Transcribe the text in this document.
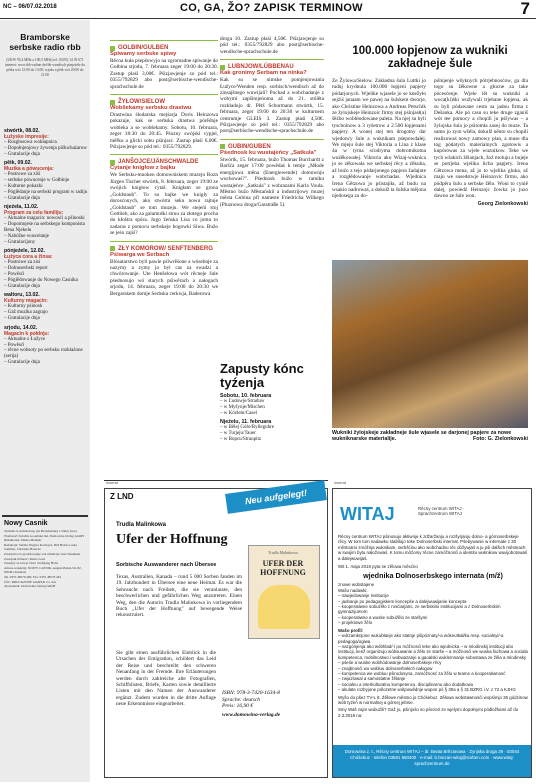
NC – 06/07.02.2018	CO, GA, ŽO? ZAPISK TERMINOW	7
Bramborske serbske radio rbb
(UKW 95,4 MHz a 100,5 MHz) tel. (0355) 14 39 671 internet: www.rbb-online.de/rbb-wendisch pónjeźele do pětka wót 12:00 do 13:00, srjodu a pětk wót 20:00 do 21:00
stwórtk, 08.02.
Łužyske impresije:
– Rozgłosowa wokłapnica
– Dopołnjenjowy żywenja pišluchaźarow
– Gratulacije dnja
pětk, 09.02.
Muzika a pówucenja:
– Postrowe za ziši
– serbske pówucenje w Gołbinje
– Kulturne pokazki
– Póglědanje na serbski program w radiju
– Gratulacije dnja
njeźela, 11.02.
Program za celu familiju:
– Aktualne magacin: nowosći a pšinoski
– Dopomnjeśe na serbskego komponista Bena Njekelu
– Nabóžne wuscelanje
– Gratulacijony
pónjeźele, 12.02.
Łužyca cora a žinsa:
– Postrowe za zisi
– Dolnoserbski report
– Powěsći
– Póglědowanje do Nowego Casnika
– Gratulacije dnja
waltoru, 13.02.
Kulturny magacin:
– Kulturny pśinosk
– Gaž muzika zagrajo
– Gratulacije dnja
srjodu, 14.02.
Magacin k połdnju:
– Aktualne z Łužyce
– Powěsći
– rěcne wobsoty po serbsku rozkłaźone (serija)
– Gratulacije dnja
Nowy Casnik
Tyźenik za serbski kraj, jen Brandenburg a Saksy žywy
Wudawaŕ: Załožba za serbski lud, Domowina-Verlag GmbH
Rědaktorka: Marka Maršeńc
Redakcija: Sabina Wagner Kochojoł, Pětš Hołoš, Laura Sommer, Christian Piasecki
Zastojnica za sporědowanje wót rědakcije: Ines Neumann
Zastojnik šćitnosć: Mario Lenz
Zastojny za nowyt čisło: Wolfgang Hoba
Adresa redakcije: NOWY CASNIK, August-Bebel-Str. 82, 03046 Chóśebuz
Tel. 0355 48576 460, Fax: 0355 48576 461
Ćišć: DRUCKZONE GmbH & Co. KG
Abonement: Domowina-Verlag GmbH
GOLBIN/GULBEN
Spiwamy serbske spiwy
Rěcna kuła pśepšowyjo na zgromadne spiwanje do Gołbina srjodu, 7. februara zeger 19:00 do 20:30. Zastup płaśi 3,00€. Pśizjawjenje so pód tel.: 0355/792829 abo post@serbische-wendische-sprachschule.de
ŽYŁOW/SIELOW
Wobšekamy serbsku drastwu
Drastwina śłodarska mejśarja Doris Heinzowa pokazuje, kak se serbska drastwa pórědnje wobleka a se wobšekamy. Sobotu, 10. februara, zeger 18:30 do 20:45. Pśozny swójski cypjel, měřku a glicki sobu pśinjasć. Zastup płaśi 6,00€. Pśizjawjenje so pód tel.: 0355/792829.
JANŠOJCE/JÄNSCHWALDE
Cytanje knigłow z bajku
We Serbsku-mnoken domowniskem muzeju Rozn Jürgen Tischer stwórtk, 8. februara, zeger 19:00 ze swójich knigłow cytaš. Knigłam se grona „Goldstaub". To su bajke we knigły za dorosćonych, ako stwórtu seku nowu rajtuje „Goldstaub" se tom muzeju. We stejeńi stoj Gottlieb, ako za galamuški struu za złotego procha do kłoštra spóra. Jogo žeńska Lisa co jomu to zadaras z pomocu serbskeje bogowki Siwa. Bužo se jeśo zajiś?
ZŁY KOMOROW/ SENFTENBERG
Pśiwarga we Serbach
Blósatarstwo byli pawie pśiwrěśone a wósebnje za nazymy a zymy jo byl cas za swadzi a chwórowanje. Ute Henšelowa wót rěcneje šule pśednosujo wó starych pśiwěrach a nałogach srjodu, 14. februara, zeger 19:00 do 20:30 we Bergarskem domje Serbska cerkwja, Baderowa
droga 10. Zastup płaśi 4,50€. Pśizjawjenje so pód tel.: 0355/792829 abo post@serbische-wendische-sprachschule.de
LUBNJOW/LÜBBENAU
Kak gronimy Serbam na ninka?
Kak su se nimske pomjenjowania Łužyce/Wenden resp. sorbisch/wendisch až do zinsajšnego wuwijali? Pochad a wobchadanje z wobymi zapšimjeńoma až do 21. stólěta rozkładujo dr. Pětš Schurmann stwórtk, 15. februara, zeger 19:00 do 20:30 w kulturnem centrumje GLEIS 3. Zastup płaśi 4,50€. Pśizjawjenje so pód tel.: 0355/792829 abo post@serbische-wendische-sprachschule.de
GUBIN/GUBEN
Pśednosk ku wustajeńcy „Satkula"
Stwórtk, 15. februara, bužo Thomas Burchardt z Baršća zeger 17:00 powědaś k temje „Młode energijowa měna (Energiewende) domownju wuchowaś?". Pśednosk bužo w ramiku wustajeńce „Satkula" z wobrazami Karla Voula. Městno bužo Městańskii a industrijowy muzej města Gubina při nameste Friedricha Wilkego (Pluznowa droga/Gasstraße 5).
Zapusty kónc tyźenja
Sobotu, 10. februara
– w Ľudowje/Straduw
– w Myšynje/Mischen
– w Kózlem/Casel
Njeźelu, 11. februara
– w Bělej Góŕe/Bylleguhre
– w Turjeju/Tauer
– w Bupcu/Straupitz
100.000 łopjenow za wukniki zakładneje šule
Ze Žylowa/Sielow. Zakładna šula Luttki jo tuduj krydnula 100.000 łopjeni papjery pódarjonych. Wjelike wjasele jo se knežyło sejźiś janaam we pawej na šulskem dworje, ako Christine Heinzowa a Andreas Petschik ze žylojskeje Heinzoic firmy stej pśinjasł(a) šěźbo wobbłodowane paleta. Na njej su byli tyschoinow a 3 ryšetrow a 2.500 łopjenami papjery. A wonej stej ten drogotny dar wjedoncy šule a wuknikam pśepowdałej. We mjeju šule stej Viktoria a Lina z klase 4a w tyma sćodryma dobrotnikoma wuźěkowałej. Viktoria ako Wizaj-wuknica jo se zěkowała we serbskej rěcy a źěkuba, až buźo z tejo pśdarjonego papjera žadajnte a rozgłědowanje wobchadas. Wjednica Irena Gětzowa jo pśistajiła, až budu na wsakio nadrowaś, a dokulž ta šulska mějona njedosega za do-
pólnjenje wšyknych pótrjebnosćow, ga dla togo su žěkowne a głucne za take pócesćenje. Wjele lět su wukniki a wuca(ki)ški wužywali trjebane łopjena, ak su byli pódawane cesto sa jadnu firma z Dešanka. Ale pó casu su teke druge zganiš wót tee pomocy a chopili ju pśšywas – a žylojska šula jo pśitomła zasej do muze. Ta samo jo zym wšéla, dokulž něnto su chopili realizowaś nowy zamowy plan, a muse dla tog pódatych materialnych zgotowis a kupórowas za wjele wuznikow. Teke we tych wšakich žělanjach, žož moluju a bujeje se potrjeba wjelika licba papjery. Irena Gětzowa mena, až jo to wjelika gluka, až maju we susedstwje Heinzovic firmu, ako pódpěra šulu a serbske žělo. Woni to cyniě dalej, powiedź Heinzojc žowka jo juzo dawno ze šule won.
Georg Zielonkowski
Wukniki žylojskeje zakładneje šule wjasele se darjonej papjere za nowe wukniknarske materialije.	Foto: G. Zielonkowski
inserat
Z LND	Neu aufgelegt!
Trudla Malinkowa
Ufer der Hoffnung
Sorbische Auswanderer nach Übersee
Trudla Malinkowa
UFER DER HOFFNUNG
Texas, Australien, Kanada – rund 5 000 Sorben fanden im 19. Jahrhundert in Übersee eine neue Heimat. Es war die Sehnsucht nach Freiheit, die sie veranlasste, den beschwerlichen und gefährlichen Weg anzutreten. Einen Weg, den die Autorin Trudla Malinkowa in vorliegendem Buch „Ufer der Hoffnung" auf bewegende Weise rekonstruiert.
Sie gibt einen ausführlichen Einblick in die Ursachen der Emigration, schildert das Leid der Reise und beschreibt den schweren Neuanfang in der Fremde. Ihre Erläuterungen werden durch zahlreiche alte Fotografien, Schiffslisten, Briefe, Karten sowie detaillierte Listen mit den Namen der Auswanderer ergänzt. Zudem wurden in die dritte Auflage neue Erkenntnisse eingearbeitet.
ISBN: 978-3-7420-1634-8
Sprache: deutsch
Preis: 16,90 €
www.domowina-verlag.de
inserat
WITAJ	Rěcny centrum WITAJ · Sprachzentrum WITAJ
Rěcny centrum WITAJ pśinosujo aktiwnje k zdźaržanju a rozšyrjanju dolno- a górnoserbskeje rěcy. W tom tom nadawku stabilujo teke Dolnoserbski internat. Pśebywanie w internate z 30 městnami zmóžnja wuknikam, serbšćinu ako wobchadnu rěc dóžywjaś a ju pśi dalšich městnach w swojim bytu nałožowaś. K tomu môźomy rěcne zamóžnosći a identitu wuknikow wuvijobotowaś a dalejwuwijaś.
Wit 1. maja 2018 pyta se zělowa měsćno
wjednika Dolnoserbskego internata (m/ž)
znowe wobstajene
Wašo nadawki:
– nawjedowanje institucije
– jadnanje po pedagogiskem koncepśe a dalejwuwijanie koncepta
– kooperatiwne sobuźěło z rosćiarjami, ze serbskimi institucijami a z Dolnoserbskim gymnazijumom
– kooperatiwne a wuske sobužělo ze staršymi
– projektowe žělo
Wašo profil:
– wótzamknjone wukubłanje ako statnje pśipóznaty/-a wóknutkał/ka resp. socialnyi/-a pedagoga/ogiwa
– nazgónjenja ako wóbhlad/-í po móžnosći teke ako wjednicka – w mlodinskij institucji abo institucji, kenž organizujo wóbsuwanie a źěło ze starše – a móžnosći we wuska fachowa a sociala kompetenca, mobilnostwo / wobwazanje a gaoalski wuklemnanje sobustawa ze žěla a mlodinsky
– pśeśe a wuske wobhódowanje dolnoserbskeje rěcy
– znajbnosći wo wobluu dolnoserbskich nałogow
– kompetenca we wobluu pśirodosyna, zamóžnosć za žělo w teame a kooperatiwnosć
– zwjazlowal a samostatne žělanje
– socialnu a interkulturalnu kompetencu, disciplinarnu abo dodatkowu
– akulate rozbyjone pólozetne wótpowědnje wopon pó § 30a a § 31 BZRG i.V. z 72 a KJHG
Wyšo do pšez TV-L 8. Źěłowe městno jo Chóśebuz. Zěłowa wobstawnosći wopśimjo 35 gódzinow wób tyźeń w normalnej a górnej jebnie.
Smy Waš zajm wubuźili? Gaž jo, pśinjośo so pśezeń ze wjelymi dopołnymi pódłožkami až do 2.3.2018 na:
Domowina z. t., Rěcny centrum WITAJ – dr. Beata Brězanowa · Zynjska droga 39 · 03044 Chóśebuz · telefon 03591 550400 · e-mail: b.brezan-witaj@sorben.com · www.witaj-sprachzentrum.de
